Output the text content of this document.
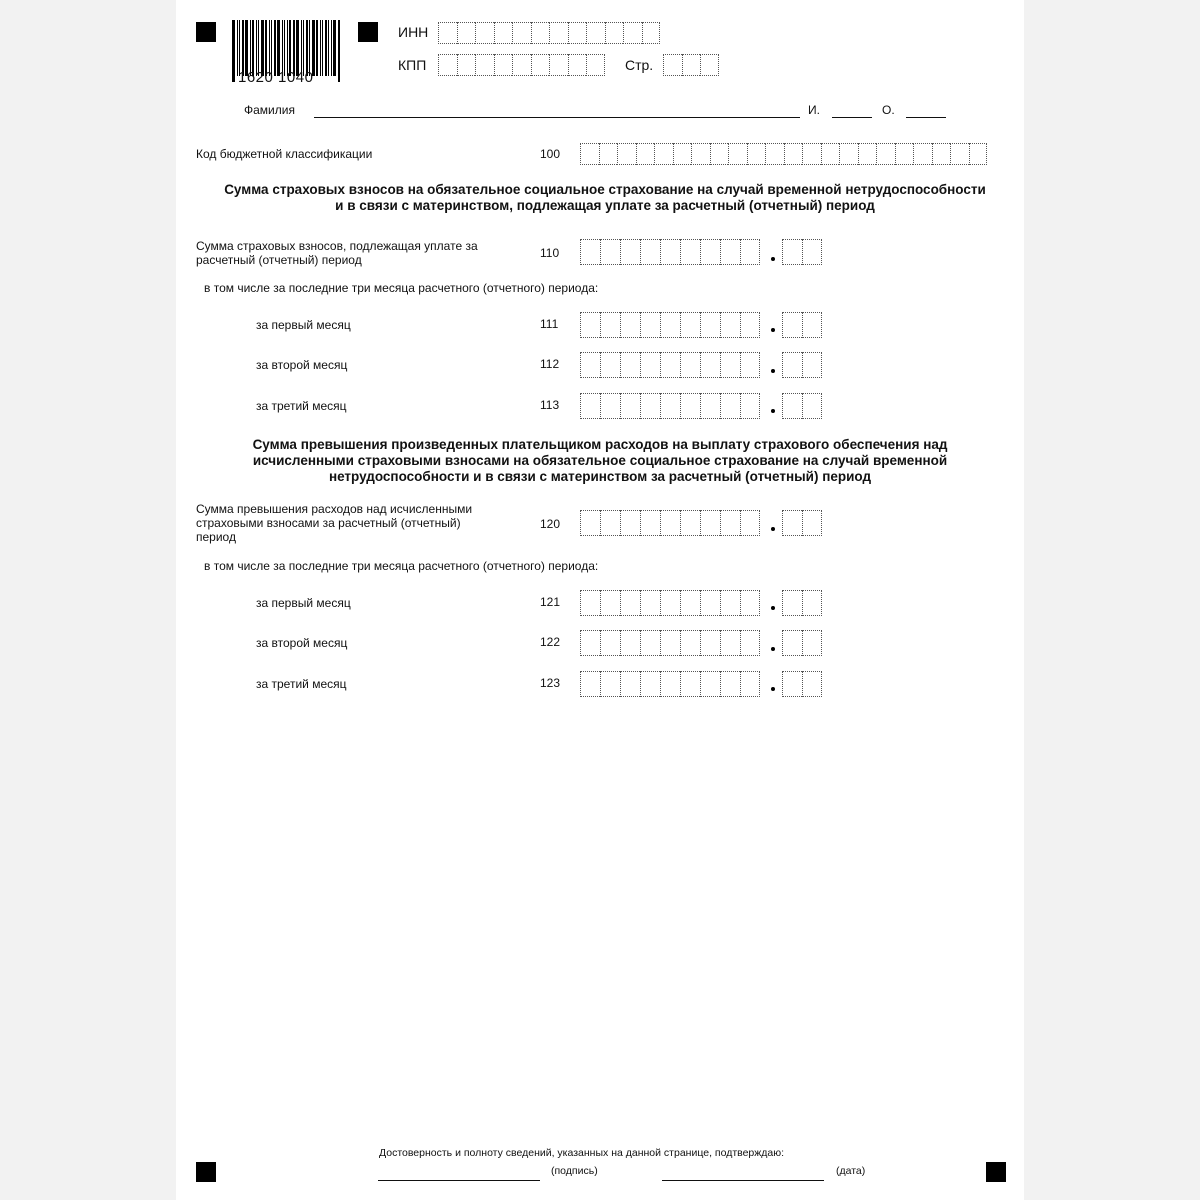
1620 1040
ИНН
КПП	Стр.
Фамилия	И.	О.
Код бюджетной классификации	100
Сумма страховых взносов на обязательное социальное страхование на случай временной нетрудоспособности
и в связи с материнством, подлежащая уплате за расчетный (отчетный) период
Сумма страховых взносов, подлежащая уплате за
расчетный (отчетный) период	110
в том числе за последние три месяца расчетного (отчетного) периода:
за первый месяц	111
за второй месяц	112
за третий месяц	113
Сумма превышения произведенных плательщиком расходов на выплату страхового обеспечения над
исчисленными страховыми взносами на обязательное социальное страхование на случай временной
нетрудоспособности и в связи с материнством за расчетный (отчетный) период
Сумма превышения расходов над исчисленными
страховыми взносами за расчетный (отчетный)
период
120
в том числе за последние три месяца расчетного (отчетного) периода:
за первый месяц	121
за второй месяц	122
за третий месяц	123
Достоверность и полноту сведений, указанных на данной странице, подтверждаю:
(подпись)	(дата)
